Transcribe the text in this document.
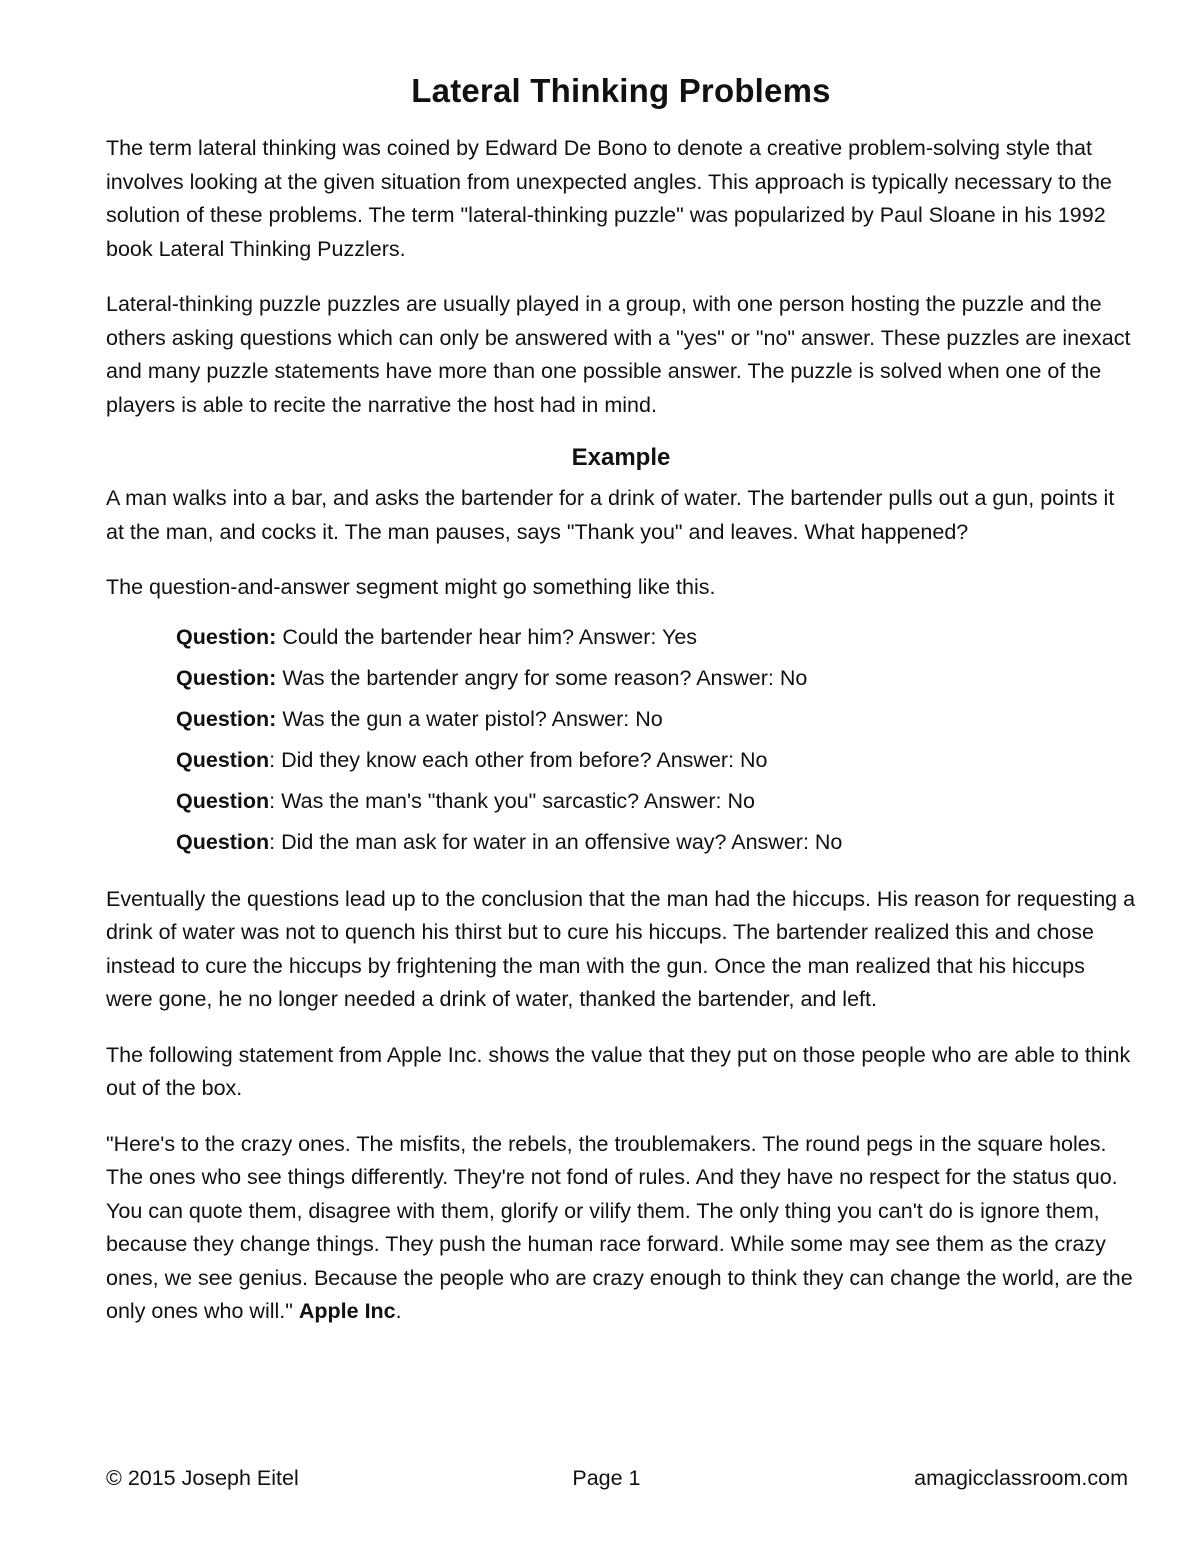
Lateral Thinking Problems

The term lateral thinking was coined by Edward De Bono to denote a creative problem-solving style that involves looking at the given situation from unexpected angles. This approach is typically necessary to the solution of these problems. The term "lateral-thinking puzzle" was popularized by Paul Sloane in his 1992 book Lateral Thinking Puzzlers.

Lateral-thinking puzzle puzzles are usually played in a group, with one person hosting the puzzle and the others asking questions which can only be answered with a "yes" or "no" answer. These puzzles are inexact and many puzzle statements have more than one possible answer. The puzzle is solved when one of the players is able to recite the narrative the host had in mind.

Example

A man walks into a bar, and asks the bartender for a drink of water. The bartender pulls out a gun, points it at the man, and cocks it. The man pauses, says "Thank you" and leaves. What happened?

The question-and-answer segment might go something like this.

Question: Could the bartender hear him? Answer: Yes
Question: Was the bartender angry for some reason? Answer: No
Question: Was the gun a water pistol? Answer: No
Question: Did they know each other from before? Answer: No
Question: Was the man's "thank you" sarcastic? Answer: No
Question: Did the man ask for water in an offensive way? Answer: No

Eventually the questions lead up to the conclusion that the man had the hiccups. His reason for requesting a drink of water was not to quench his thirst but to cure his hiccups. The bartender realized this and chose instead to cure the hiccups by frightening the man with the gun. Once the man realized that his hiccups were gone, he no longer needed a drink of water, thanked the bartender, and left.

The following statement from Apple Inc. shows the value that they put on those people who are able to think out of the box.

"Here's to the crazy ones. The misfits, the rebels, the troublemakers. The round pegs in the square holes. The ones who see things differently. They're not fond of rules. And they have no respect for the status quo. You can quote them, disagree with them, glorify or vilify them. The only thing you can't do is ignore them, because they change things. They push the human race forward. While some may see them as the crazy ones, we see genius. Because the people who are crazy enough to think they can change the world, are the only ones who will." Apple Inc.

© 2015 Joseph Eitel	Page 1	amagicclassroom.com
